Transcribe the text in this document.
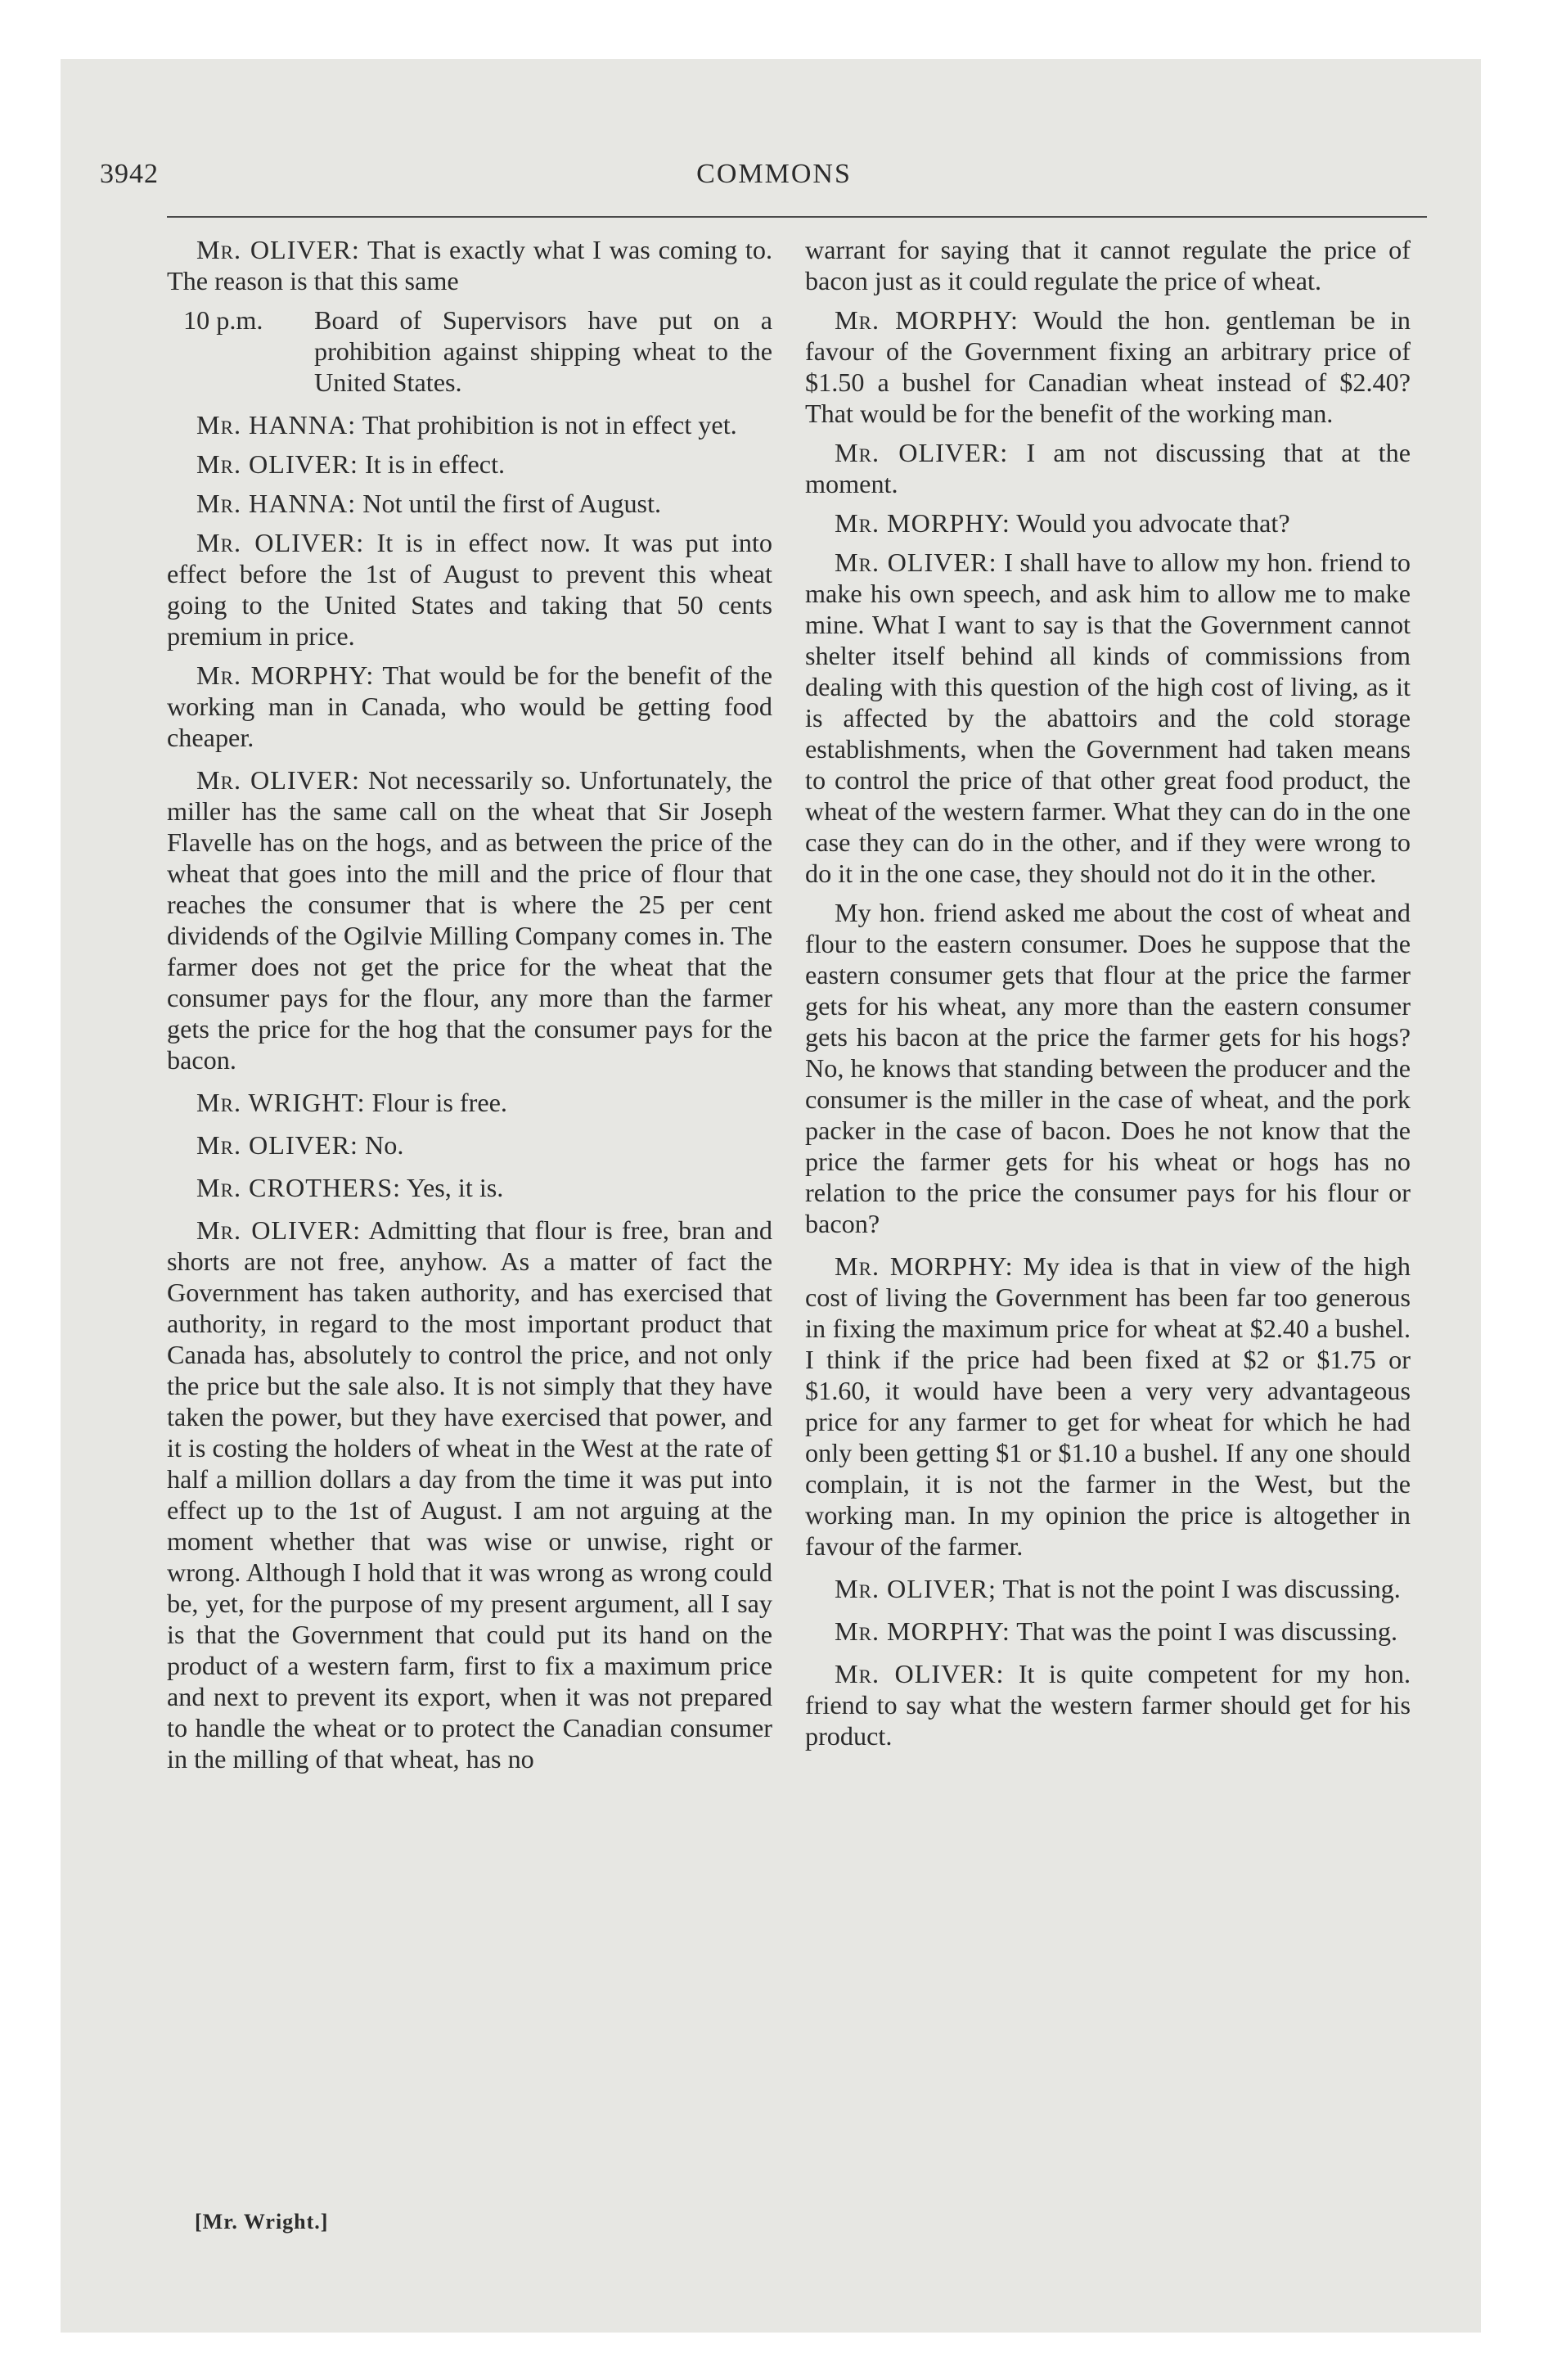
3942	COMMONS

Mr. OLIVER: That is exactly what I was coming to. The reason is that this same

10 p.m.	Board of Supervisors have put on a prohibition against shipping wheat to the United States.

Mr. HANNA: That prohibition is not in effect yet.

Mr. OLIVER: It is in effect.

Mr. HANNA: Not until the first of August.

Mr. OLIVER: It is in effect now. It was put into effect before the 1st of August to prevent this wheat going to the United States and taking that 50 cents premium in price.

Mr. MORPHY: That would be for the benefit of the working man in Canada, who would be getting food cheaper.

Mr. OLIVER: Not necessarily so. Unfortunately, the miller has the same call on the wheat that Sir Joseph Flavelle has on the hogs, and as between the price of the wheat that goes into the mill and the price of flour that reaches the consumer that is where the 25 per cent dividends of the Ogilvie Milling Company comes in. The farmer does not get the price for the wheat that the consumer pays for the flour, any more than the farmer gets the price for the hog that the consumer pays for the bacon.

Mr. WRIGHT: Flour is free.

Mr. OLIVER: No.

Mr. CROTHERS: Yes, it is.

Mr. OLIVER: Admitting that flour is free, bran and shorts are not free, anyhow. As a matter of fact the Government has taken authority, and has exercised that authority, in regard to the most important product that Canada has, absolutely to control the price, and not only the price but the sale also. It is not simply that they have taken the power, but they have exercised that power, and it is costing the holders of wheat in the West at the rate of half a million dollars a day from the time it was put into effect up to the 1st of August. I am not arguing at the moment whether that was wise or unwise, right or wrong. Although I hold that it was wrong as wrong could be, yet, for the purpose of my present argument, all I say is that the Government that could put its hand on the product of a western farm, first to fix a maximum price and next to prevent its export, when it was not prepared to handle the wheat or to protect the Canadian consumer in the milling of that wheat, has no

warrant for saying that it cannot regulate the price of bacon just as it could regulate the price of wheat.

Mr. MORPHY: Would the hon. gentleman be in favour of the Government fixing an arbitrary price of $1.50 a bushel for Canadian wheat instead of $2.40? That would be for the benefit of the working man.

Mr. OLIVER: I am not discussing that at the moment.

Mr. MORPHY: Would you advocate that?

Mr. OLIVER: I shall have to allow my hon. friend to make his own speech, and ask him to allow me to make mine. What I want to say is that the Government cannot shelter itself behind all kinds of commissions from dealing with this question of the high cost of living, as it is affected by the abattoirs and the cold storage establishments, when the Government had taken means to control the price of that other great food product, the wheat of the western farmer. What they can do in the one case they can do in the other, and if they were wrong to do it in the one case, they should not do it in the other.

My hon. friend asked me about the cost of wheat and flour to the eastern consumer. Does he suppose that the eastern consumer gets that flour at the price the farmer gets for his wheat, any more than the eastern consumer gets his bacon at the price the farmer gets for his hogs? No, he knows that standing between the producer and the consumer is the miller in the case of wheat, and the pork packer in the case of bacon. Does he not know that the price the farmer gets for his wheat or hogs has no relation to the price the consumer pays for his flour or bacon?

Mr. MORPHY: My idea is that in view of the high cost of living the Government has been far too generous in fixing the maximum price for wheat at $2.40 a bushel. I think if the price had been fixed at $2 or $1.75 or $1.60, it would have been a very very advantageous price for any farmer to get for wheat for which he had only been getting $1 or $1.10 a bushel. If any one should complain, it is not the farmer in the West, but the working man. In my opinion the price is altogether in favour of the farmer.

Mr. OLIVER; That is not the point I was discussing.

Mr. MORPHY: That was the point I was discussing.

Mr. OLIVER: It is quite competent for my hon. friend to say what the western farmer should get for his product.

[Mr. Wright.]
